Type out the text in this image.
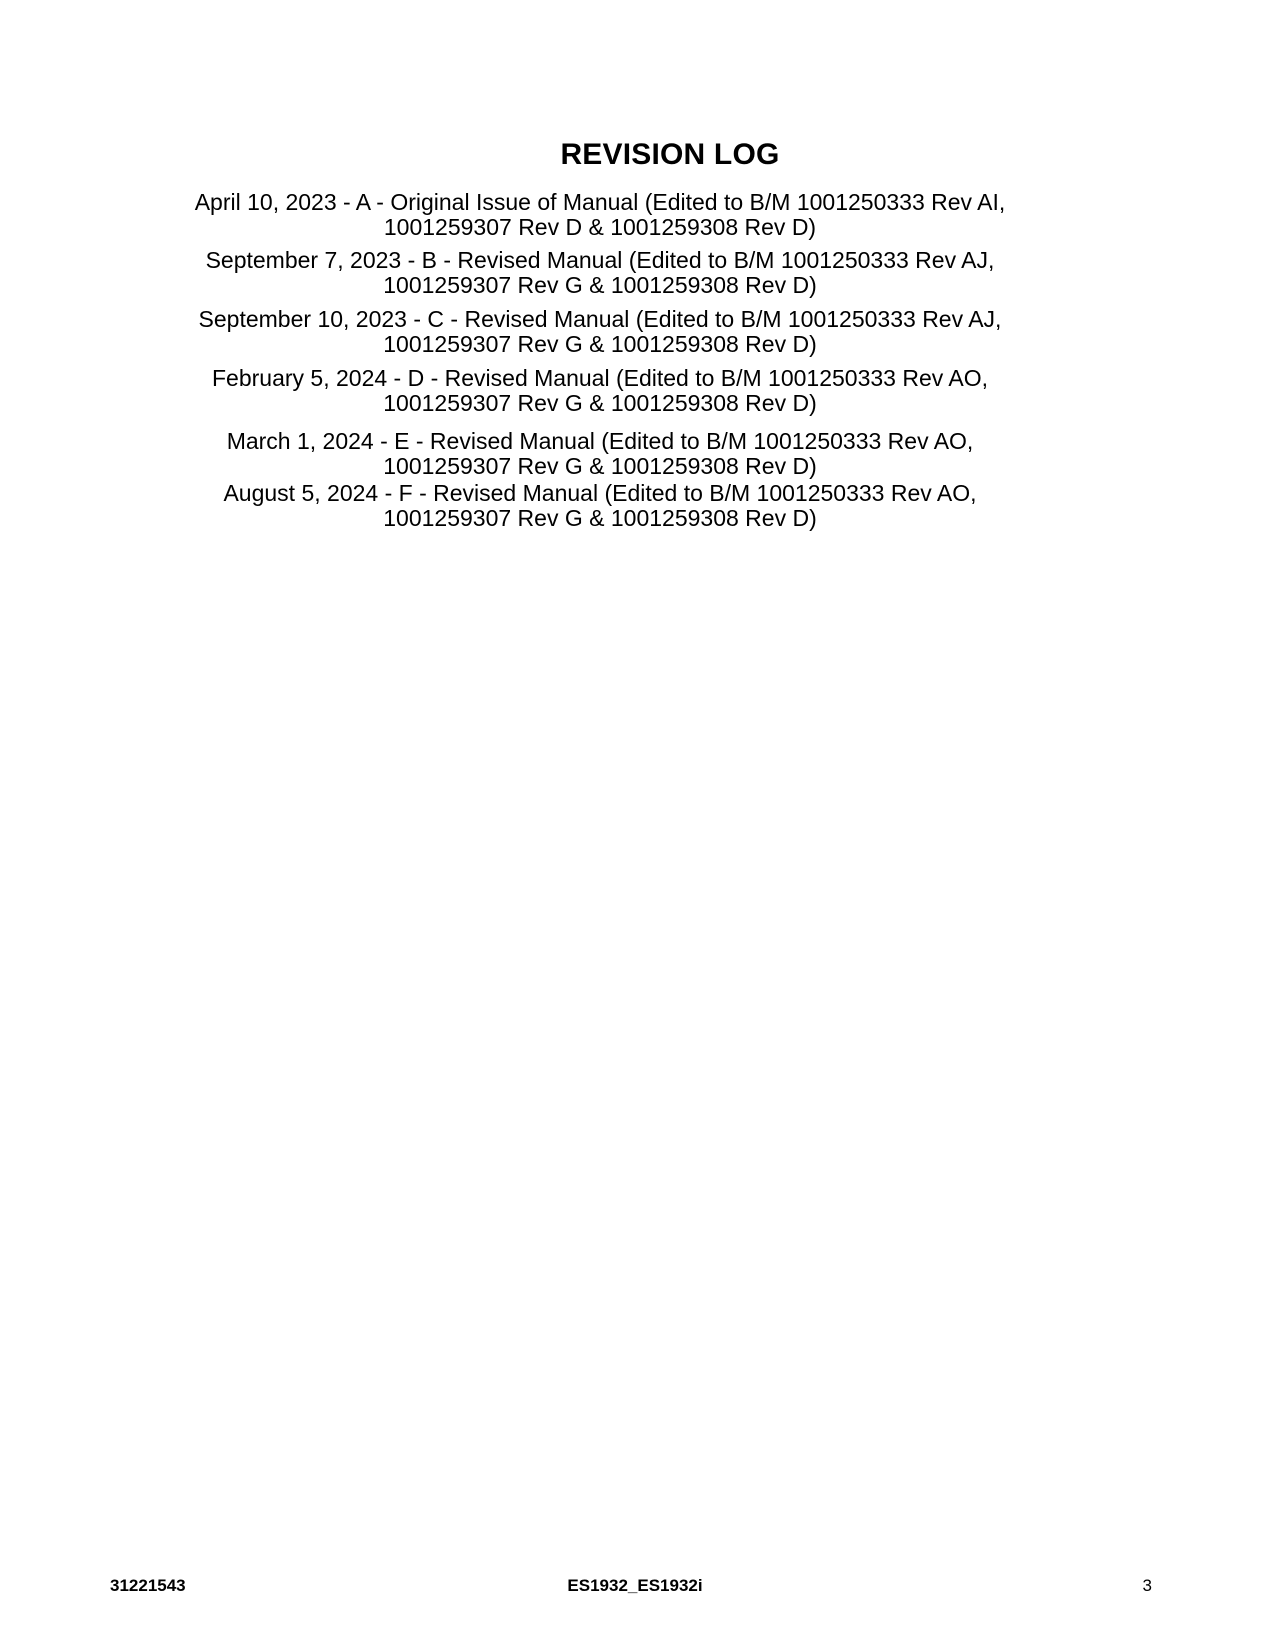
REVISION LOG
April 10, 2023 - A - Original Issue of Manual (Edited to B/M 1001250333 Rev AI,
1001259307 Rev D & 1001259308 Rev D)
September 7, 2023 - B - Revised Manual (Edited to B/M 1001250333 Rev AJ,
1001259307 Rev G & 1001259308 Rev D)
September 10, 2023 - C - Revised Manual (Edited to B/M 1001250333 Rev AJ,
1001259307 Rev G & 1001259308 Rev D)
February 5, 2024 - D - Revised Manual (Edited to B/M 1001250333 Rev AO,
1001259307 Rev G & 1001259308 Rev D)
March 1, 2024 - E - Revised Manual (Edited to B/M 1001250333 Rev AO,
1001259307 Rev G & 1001259308 Rev D)
August 5, 2024 - F - Revised Manual (Edited to B/M 1001250333 Rev AO,
1001259307 Rev G & 1001259308 Rev D)
31221543	ES1932_ES1932i	3
